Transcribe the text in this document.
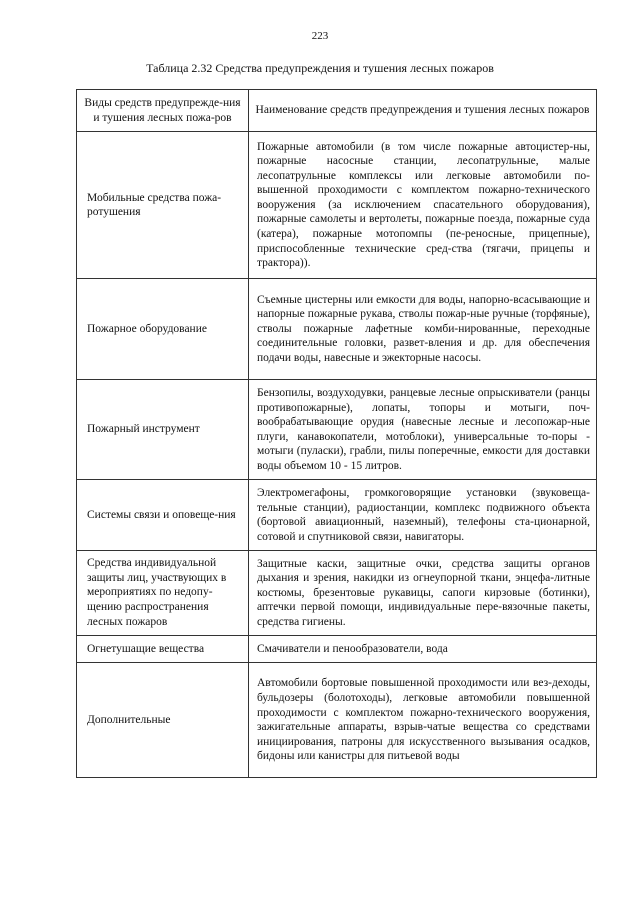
223
Таблица 2.32 Средства предупреждения и тушения лесных пожаров
Виды средств предупрежде-ния и тушения лесных пожа-ров	Наименование средств предупреждения и тушения лесных пожаров
Мобильные средства пожа-ротушения	Пожарные автомобили (в том числе пожарные автоцистер-ны, пожарные насосные станции, лесопатрульные, малые лесопатрульные комплексы или легковые автомобили по-вышенной проходимости с комплектом пожарно-технического вооружения (за исключением спасательного оборудования), пожарные самолеты и вертолеты, пожарные поезда, пожарные суда (катера), пожарные мотопомпы (пе-реносные, прицепные), приспособленные технические сред-ства (тягачи, прицепы и трактора)).
Пожарное оборудование	Съемные цистерны или емкости для воды, напорно-всасывающие и напорные пожарные рукава, стволы пожар-ные ручные (торфяные), стволы пожарные лафетные комби-нированные, переходные соединительные головки, развет-вления и др. для обеспечения подачи воды, навесные и эжекторные насосы.
Пожарный инструмент	Бензопилы, воздуходувки, ранцевые лесные опрыскиватели (ранцы противопожарные), лопаты, топоры и мотыги, поч-вообрабатывающие орудия (навесные лесные и лесопожар-ные плуги, канавокопатели, мотоблоки), универсальные то-поры - мотыги (пуласки), грабли, пилы поперечные, емкости для доставки воды объемом 10 - 15 литров.
Системы связи и оповеще-ния	Электромегафоны, громкоговорящие установки (звуковеща-тельные станции), радиостанции, комплекс подвижного объекта (бортовой авиационный, наземный), телефоны ста-ционарной, сотовой и спутниковой связи, навигаторы.
Средства индивидуальной защиты лиц, участвующих в мероприятиях по недопу-щению распространения лесных пожаров	Защитные каски, защитные очки, средства защиты органов дыхания и зрения, накидки из огнеупорной ткани, энцефа-литные костюмы, брезентовые рукавицы, сапоги кирзовые (ботинки), аптечки первой помощи, индивидуальные пере-вязочные пакеты, средства гигиены.
Огнетушащие вещества	Смачиватели и пенообразователи, вода
Дополнительные	Автомобили бортовые повышенной проходимости или вез-деходы, бульдозеры (болотоходы), легковые автомобили повышенной проходимости с комплектом пожарно-технического вооружения, зажигательные аппараты, взрыв-чатые вещества со средствами инициирования, патроны для искусственного вызывания осадков, бидоны или канистры для питьевой воды
